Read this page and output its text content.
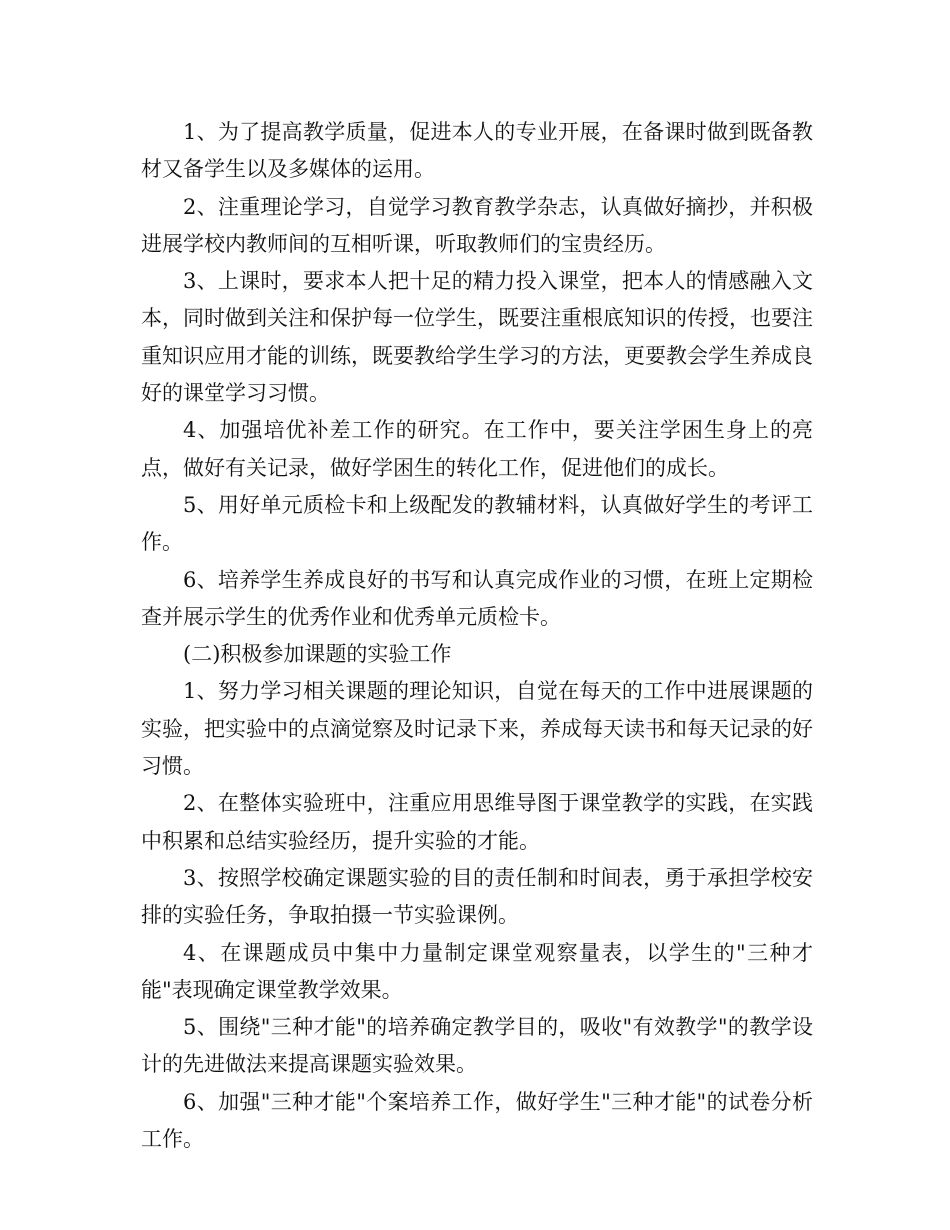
1、为了提高教学质量，促进本人的专业开展，在备课时做到既备教材又备学生以及多媒体的运用。

2、注重理论学习，自觉学习教育教学杂志，认真做好摘抄，并积极进展学校内教师间的互相听课，听取教师们的宝贵经历。

3、上课时，要求本人把十足的精力投入课堂，把本人的情感融入文本，同时做到关注和保护每一位学生，既要注重根底知识的传授，也要注重知识应用才能的训练，既要教给学生学习的方法，更要教会学生养成良好的课堂学习习惯。

4、加强培优补差工作的研究。在工作中，要关注学困生身上的亮点，做好有关记录，做好学困生的转化工作，促进他们的成长。

5、用好单元质检卡和上级配发的教辅材料，认真做好学生的考评工作。

6、培养学生养成良好的书写和认真完成作业的习惯，在班上定期检查并展示学生的优秀作业和优秀单元质检卡。

(二)积极参加课题的实验工作

1、努力学习相关课题的理论知识，自觉在每天的工作中进展课题的实验，把实验中的点滴觉察及时记录下来，养成每天读书和每天记录的好习惯。

2、在整体实验班中，注重应用思维导图于课堂教学的实践，在实践中积累和总结实验经历，提升实验的才能。

3、按照学校确定课题实验的目的责任制和时间表，勇于承担学校安排的实验任务，争取拍摄一节实验课例。

4、在课题成员中集中力量制定课堂观察量表，以学生的"三种才能"表现确定课堂教学效果。

5、围绕"三种才能"的培养确定教学目的，吸收"有效教学"的教学设计的先进做法来提高课题实验效果。

6、加强"三种才能"个案培养工作，做好学生"三种才能"的试卷分析工作。
